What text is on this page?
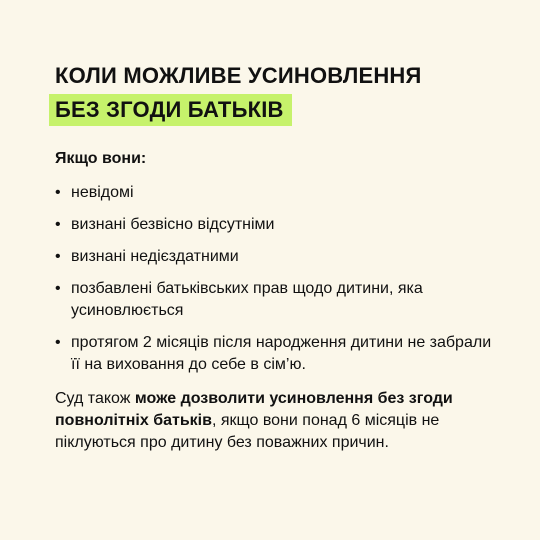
КОЛИ МОЖЛИВЕ УСИНОВЛЕННЯ
БЕЗ ЗГОДИ БАТЬКІВ
Якщо вони:
• невідомі
• визнані безвісно відсутніми
• визнані недієздатними
• позбавлені батьківських прав щодо дитини, яка усиновлюється
• протягом 2 місяців після народження дитини не забрали її на виховання до себе в сім’ю.

Суд також може дозволити усиновлення без згоди повнолітніх батьків, якщо вони понад 6 місяців не піклуються про дитину без поважних причин.
